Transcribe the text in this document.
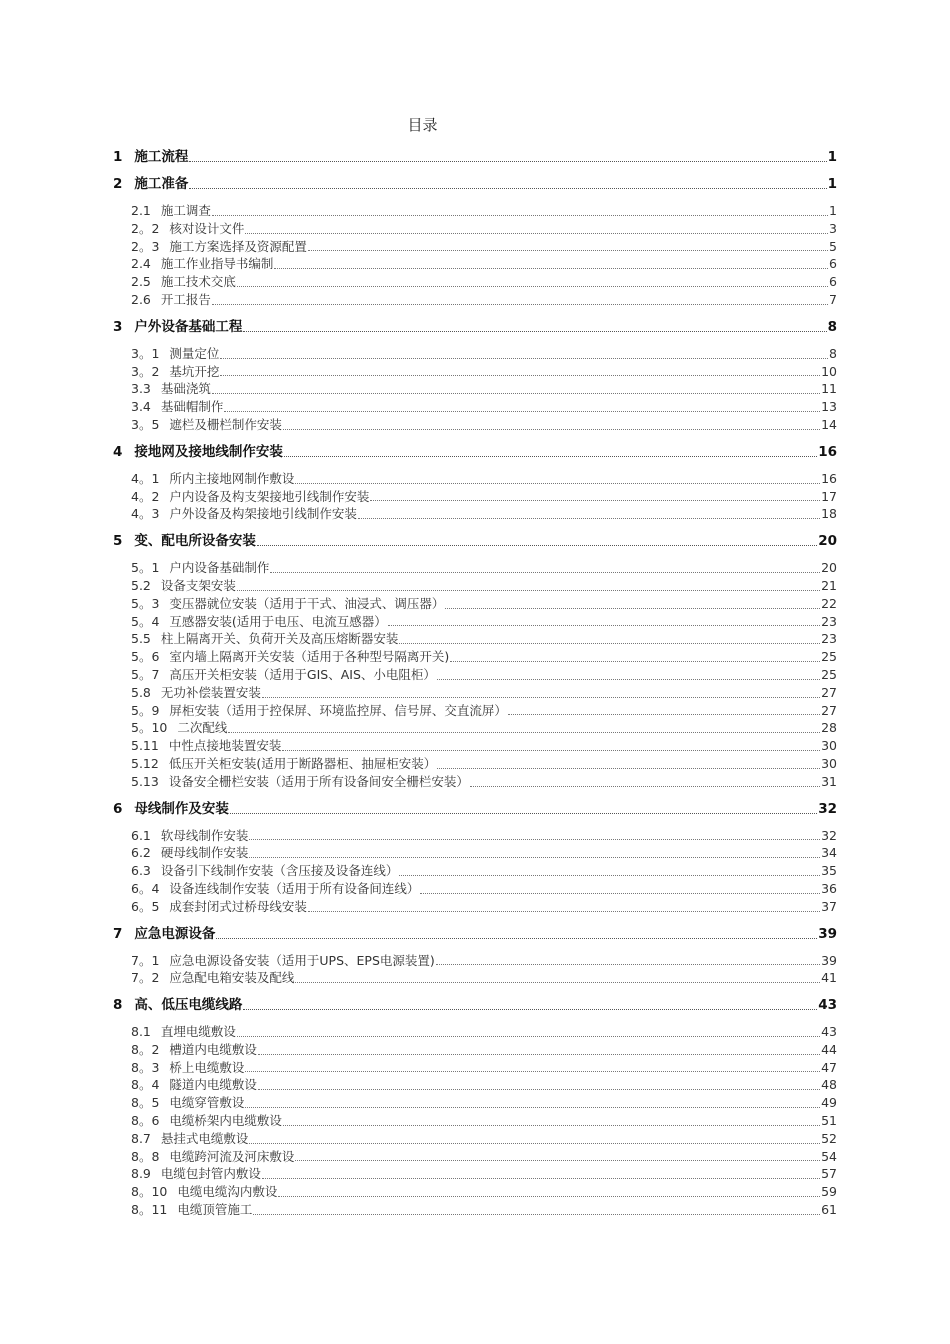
目录
1 施工流程	1
2 施工准备	1
2.1 施工调查	1
2。2 核对设计文件	3
2。3 施工方案选择及资源配置	5
2.4 施工作业指导书编制	6
2.5 施工技术交底	6
2.6 开工报告	7
3 户外设备基础工程	8
3。1 测量定位	8
3。2 基坑开挖	10
3.3 基础浇筑	11
3.4 基础帽制作	13
3。5 遮栏及栅栏制作安装	14
4 接地网及接地线制作安装	16
4。1 所内主接地网制作敷设	16
4。2 户内设备及构支架接地引线制作安装	17
4。3 户外设备及构架接地引线制作安装	18
5 变、配电所设备安装	20
5。1 户内设备基础制作	20
5.2 设备支架安装	21
5。3 变压器就位安装（适用于干式、油浸式、调压器）	22
5。4 互感器安装(适用于电压、电流互感器）	23
5.5 柱上隔离开关、负荷开关及高压熔断器安装	23
5。6 室内墙上隔离开关安装（适用于各种型号隔离开关)	25
5。7 高压开关柜安装（适用于GIS、AIS、小电阻柜）	25
5.8 无功补偿装置安装	27
5。9 屏柜安装（适用于控保屏、环境监控屏、信号屏、交直流屏）	27
5。10 二次配线	28
5.11 中性点接地装置安装	30
5.12 低压开关柜安装(适用于断路器柜、抽屉柜安装）	30
5.13 设备安全栅栏安装（适用于所有设备间安全栅栏安装）	31
6 母线制作及安装	32
6.1 软母线制作安装	32
6.2 硬母线制作安装	34
6.3 设备引下线制作安装（含压接及设备连线）	35
6。4 设备连线制作安装（适用于所有设备间连线）	36
6。5 成套封闭式过桥母线安装	37
7 应急电源设备	39
7。1 应急电源设备安装（适用于UPS、EPS电源装置)	39
7。2 应急配电箱安装及配线	41
8 高、低压电缆线路	43
8.1 直埋电缆敷设	43
8。2 槽道内电缆敷设	44
8。3 桥上电缆敷设	47
8。4 隧道内电缆敷设	48
8。5 电缆穿管敷设	49
8。6 电缆桥架内电缆敷设	51
8.7 悬挂式电缆敷设	52
8。8 电缆跨河流及河床敷设	54
8.9 电缆包封管内敷设	57
8。10 电缆电缆沟内敷设	59
8。11 电缆顶管施工	61
